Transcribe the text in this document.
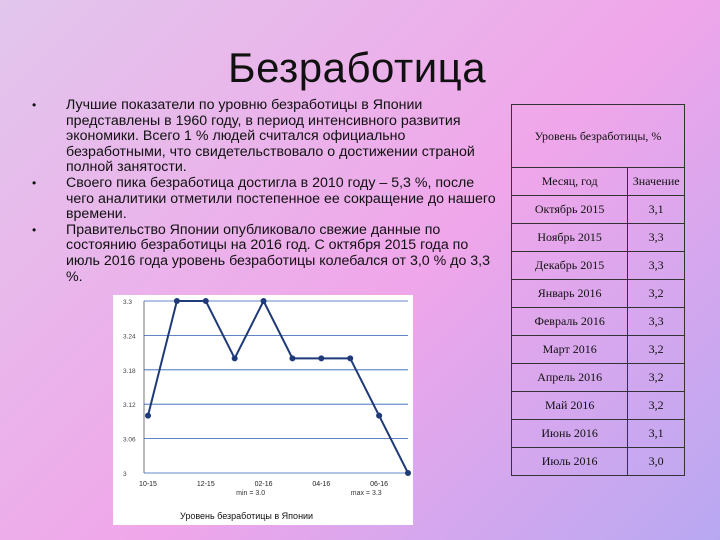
Безработица
• Лучшие показатели по уровню безработицы в Японии представлены в 1960 году, в период интенсивного развития экономики. Всего 1 % людей считался официально безработными, что свидетельствовало о достижении страной полной занятости.
• Своего пика безработица достигла в 2010 году – 5,3 %, после чего аналитики отметили постепенное ее сокращение до нашего времени.
• Правительство Японии опубликовало свежие данные по состоянию безработицы на 2016 год. С октября 2015 года по июль 2016 года уровень безработицы колебался от 3,0 % до 3,3 %.
3
3.06
3.12
3.18
3.24
3.3
10-15	12-15	02-16	04-16	06-16
min = 3.0	max = 3.3
Уровень безработицы в Японии
Уровень безработицы, %	
Месяц, год	Значение
Октябрь 2015	3,1
Ноябрь 2015	3,3
Декабрь 2015	3,3
Январь 2016	3,2
Февраль 2016	3,3
Март 2016	3,2
Апрель 2016	3,2
Май 2016	3,2
Июнь 2016	3,1
Июль 2016	3,0
